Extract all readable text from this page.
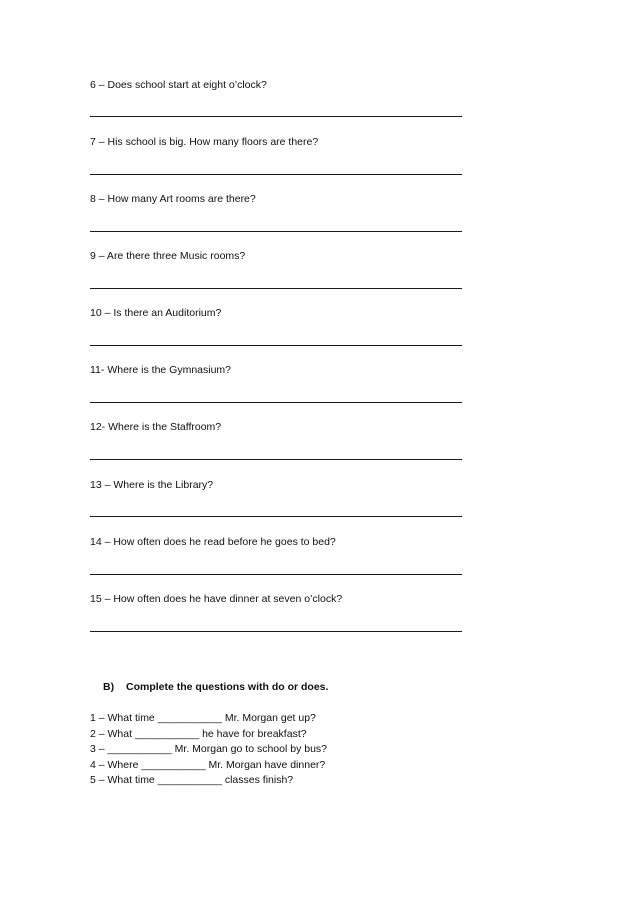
6 – Does school start at eight o’clock?
7 – His school is big. How many floors are there?
8 – How many Art rooms are there?
9 – Are there three Music rooms?
10 – Is there an Auditorium?
11- Where is the Gymnasium?
12- Where is the Staffroom?
13 – Where is the Library?
14 – How often does he read before he goes to bed?
15 – How often does he have dinner at seven o’clock?
B) Complete the questions with do or does.
1 – What time ___________ Mr. Morgan get up?
2 – What ___________ he have for breakfast?
3 – ___________ Mr. Morgan go to school by bus?
4 – Where ___________ Mr. Morgan have dinner?
5 – What time ___________ classes finish?
